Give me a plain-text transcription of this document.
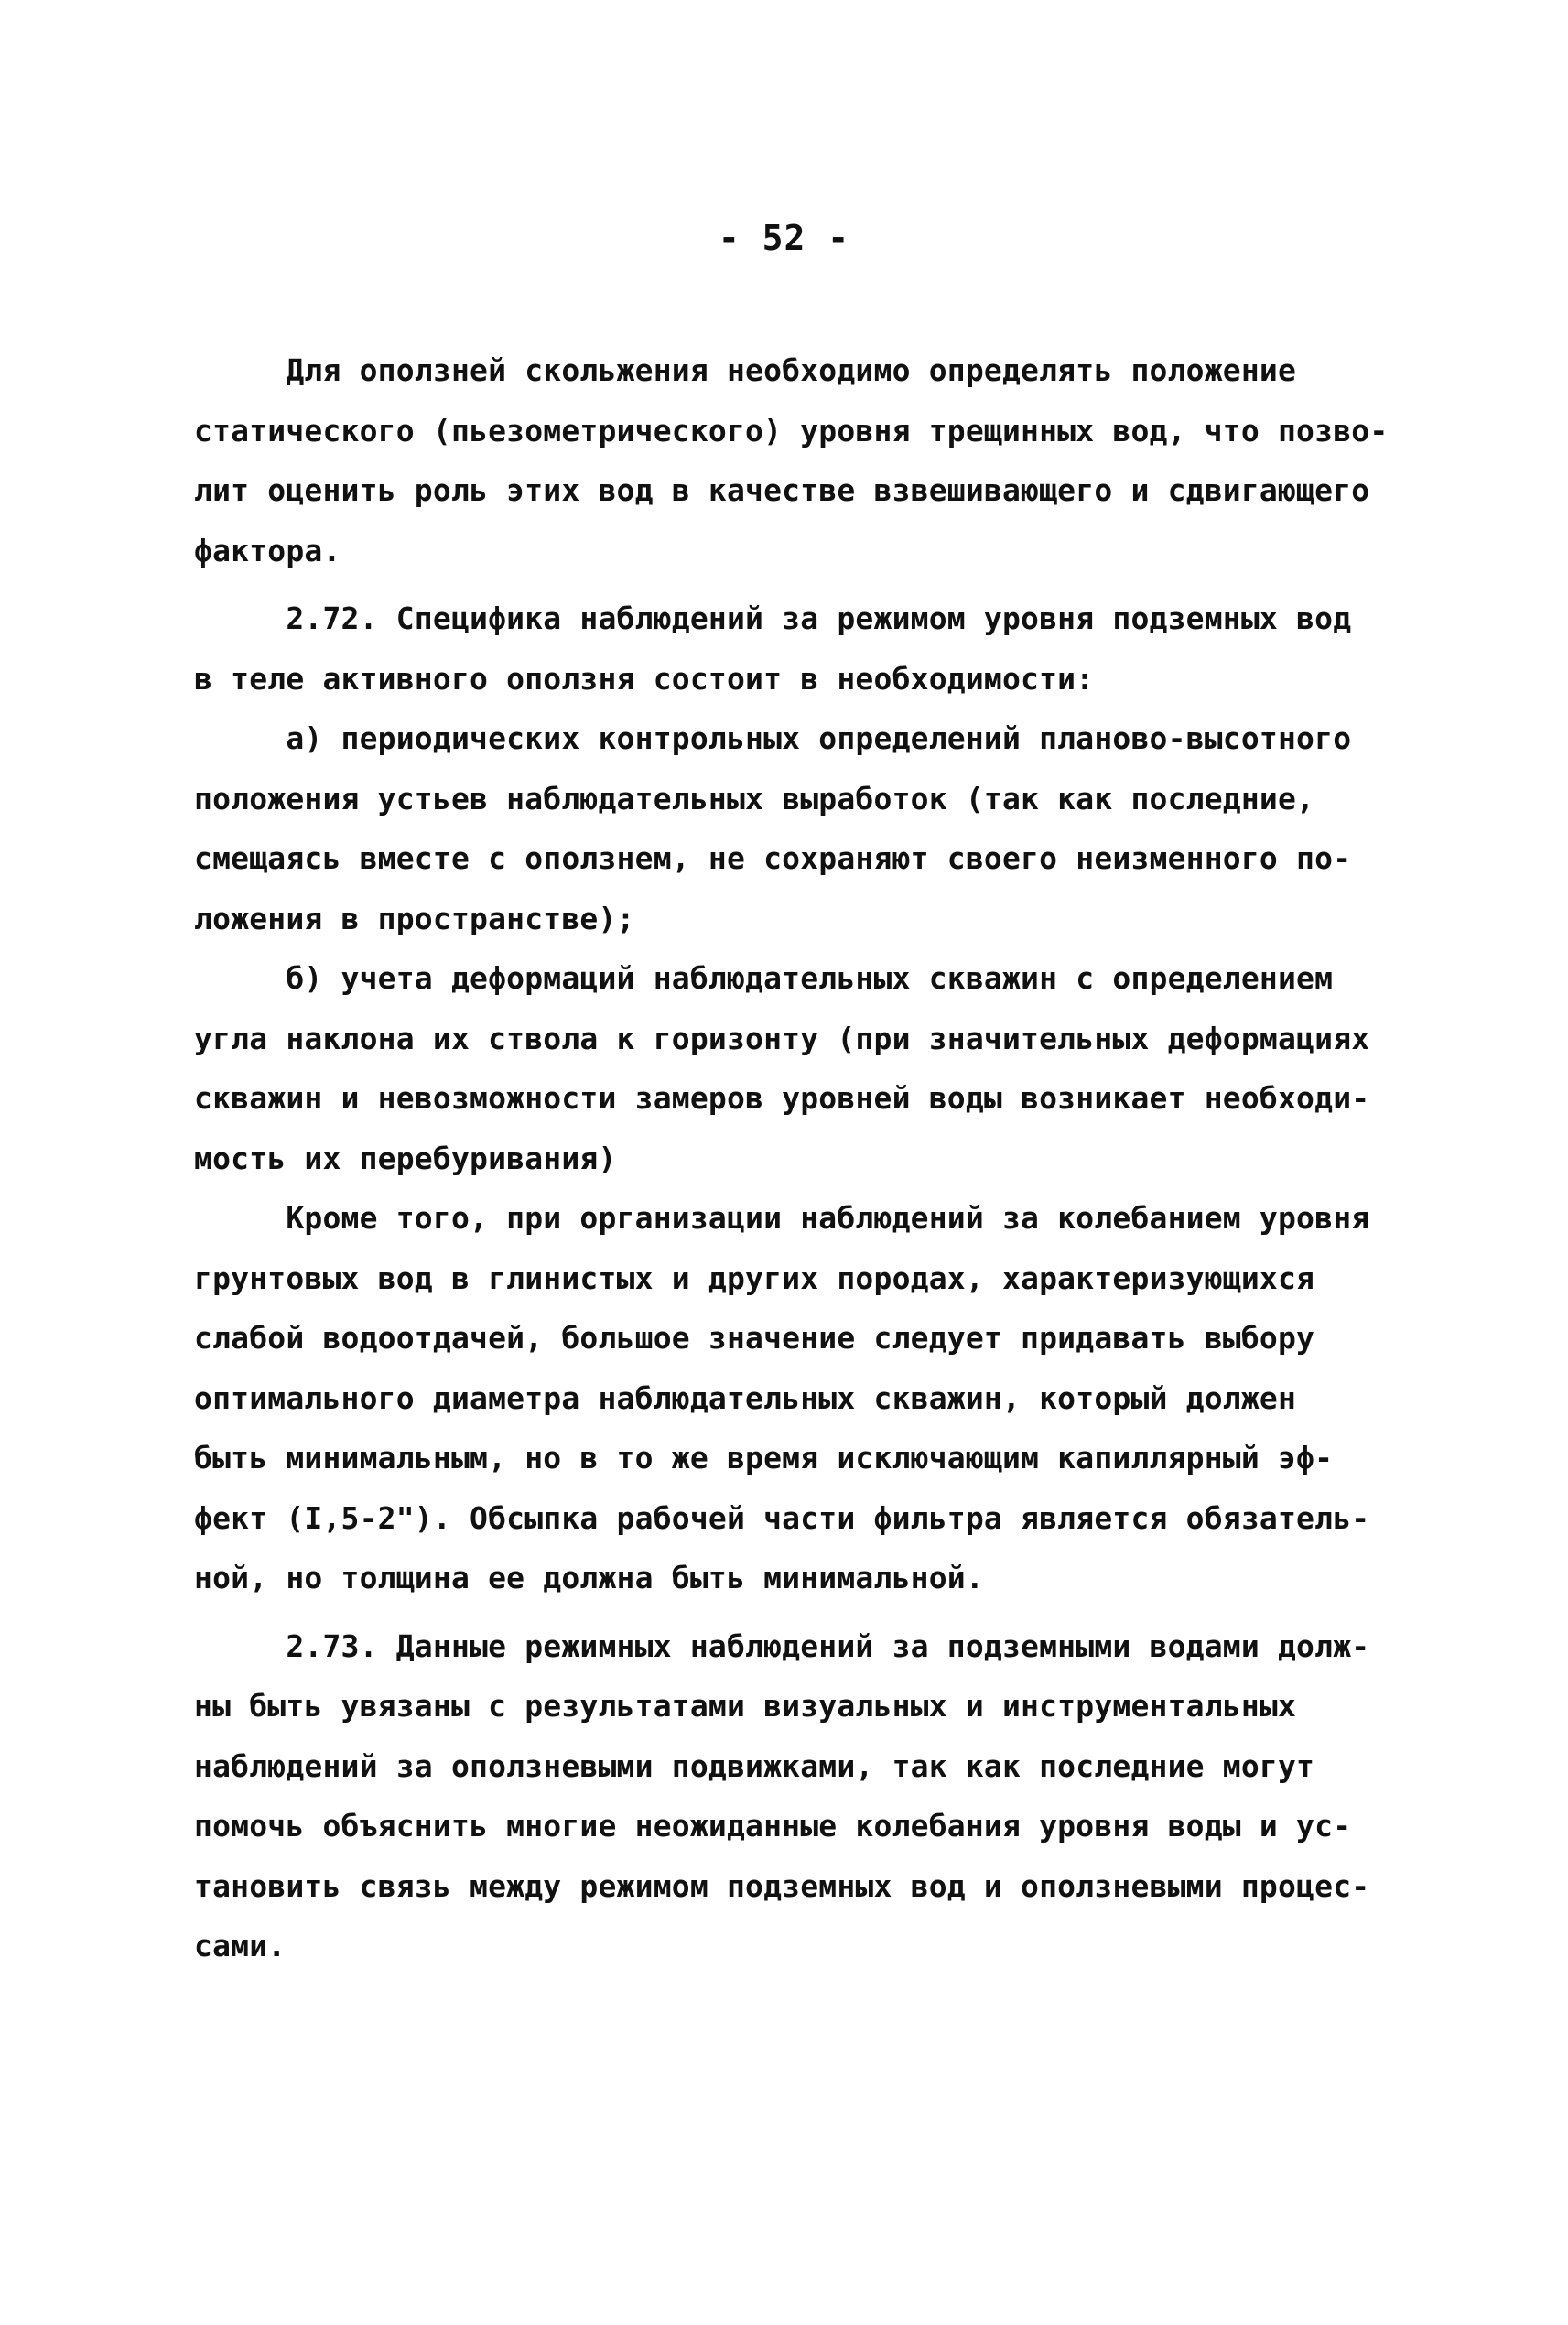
- 52 -
Для оползней скольжения необходимо определять положение
статического (пьезометрического) уровня трещинных вод, что позво-
лит оценить роль этих вод в качестве взвешивающего и сдвигающего
фактора.
2.72. Специфика наблюдений за режимом уровня подземных вод
в теле активного оползня состоит в необходимости:
а) периодических контрольных определений планово-высотного
положения устьев наблюдательных выработок (так как последние,
смещаясь вместе с оползнем, не сохраняют своего неизменного по-
ложения в пространстве);
б) учета деформаций наблюдательных скважин с определением
угла наклона их ствола к горизонту (при значительных деформациях
скважин и невозможности замеров уровней воды возникает необходи-
мость их перебуривания)
Кроме того, при организации наблюдений за колебанием уровня
грунтовых вод в глинистых и других породах, характеризующихся
слабой водоотдачей, большое значение следует придавать выбору
оптимального диаметра наблюдательных скважин, который должен
быть минимальным, но в то же время исключающим капиллярный эф-
фект (I,5-2"). Обсыпка рабочей части фильтра является обязатель-
ной, но толщина ее должна быть минимальной.
2.73. Данные режимных наблюдений за подземными водами долж-
ны быть увязаны с результатами визуальных и инструментальных
наблюдений за оползневыми подвижками, так как последние могут
помочь объяснить многие неожиданные колебания уровня воды и ус-
тановить связь между режимом подземных вод и оползневыми процес-
сами.
